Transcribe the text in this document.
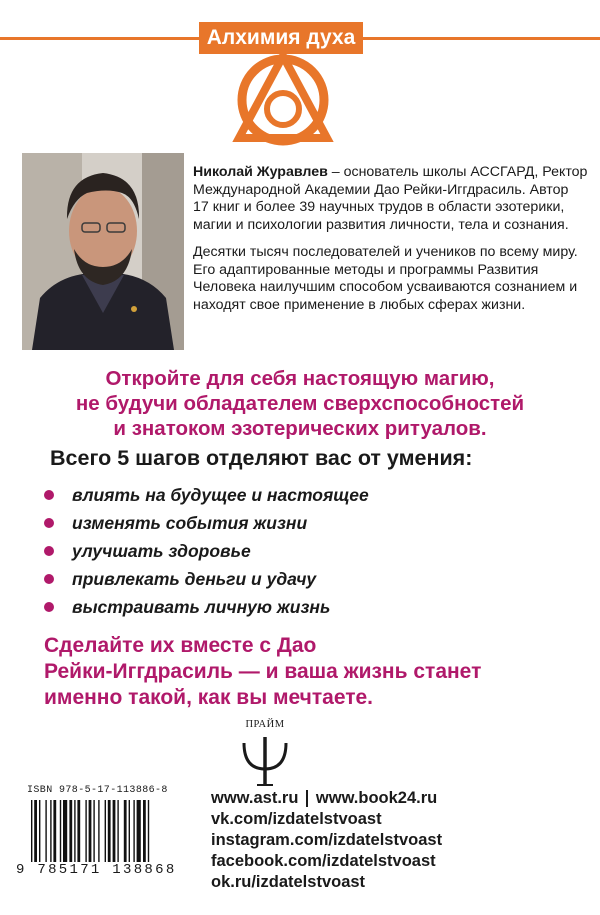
Алхимия духа

Николай Журавлев – основатель школы АССГАРД, Ректор Международной Академии Дао Рейки-Иггдрасиль. Автор 17 книг и более 39 научных трудов в области эзотерики, магии и психологии развития личности, тела и сознания.

Десятки тысяч последователей и учеников по всему миру. Его адаптированные методы и программы Развития Человека наилучшим способом усваиваются сознанием и находят свое применение в любых сферах жизни.

Откройте для себя настоящую магию,
не будучи обладателем сверхспособностей
и знатоком эзотерических ритуалов.
Всего 5 шагов отделяют вас от умения:
влиять на будущее и настоящее
изменять события жизни
улучшать здоровье
привлекать деньги и удачу
выстраивать личную жизнь
Сделайте их вместе с Дао
Рейки-Иггдрасиль — и ваша жизнь станет
именно такой, как вы мечтаете.
ПРАЙМ
ISBN 978-5-17-113886-8
9 785171 138868
www.ast.ru www.book24.ru
vk.com/izdatelstvoast
instagram.com/izdatelstvoast
facebook.com/izdatelstvoast
ok.ru/izdatelstvoast
